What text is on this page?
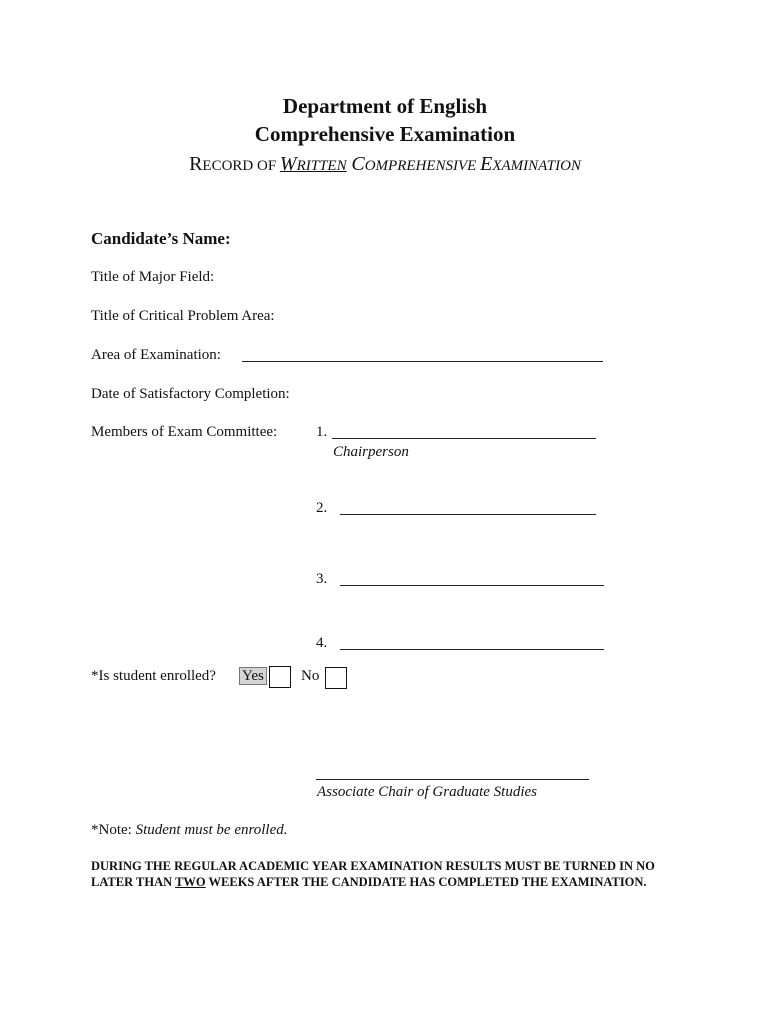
Department of English
Comprehensive Examination
RECORD OF WRITTEN COMPREHENSIVE EXAMINATION
Candidate’s Name:
Title of Major Field:
Title of Critical Problem Area:
Area of Examination:
Date of Satisfactory Completion:
Members of Exam Committee:	1.
Chairperson
2.
3.
4.
*Is student enrolled? Yes No
Associate Chair of Graduate Studies
*Note: Student must be enrolled.
DURING THE REGULAR ACADEMIC YEAR EXAMINATION RESULTS MUST BE TURNED IN NO LATER THAN TWO WEEKS AFTER THE CANDIDATE HAS COMPLETED THE EXAMINATION.
